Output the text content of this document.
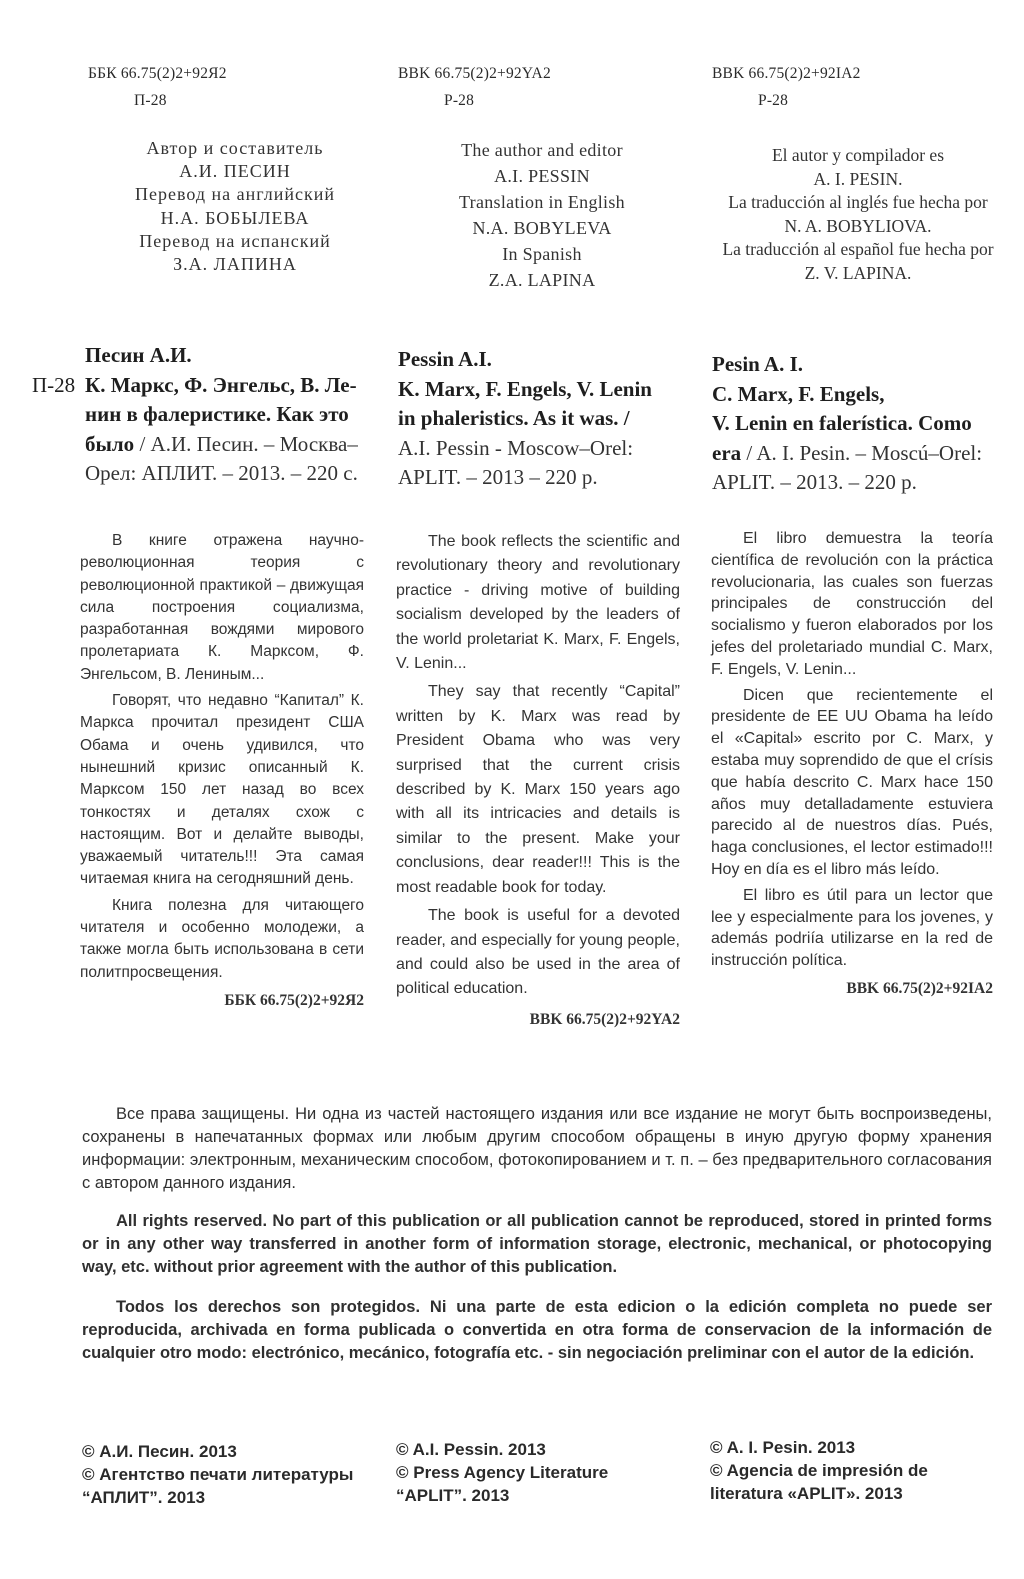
ББК 66.75(2)2+92Я2
П-28
BBK 66.75(2)2+92YA2
P-28
BBK 66.75(2)2+92IA2
P-28
Автор и составитель
А.И. ПЕСИН
Перевод на английский
Н.А. БОБЫЛЕВА
Перевод на испанский
З.А. ЛАПИНА
The author and editor
A.I. PESSIN
Translation in English
N.A. BOBYLEVA
In Spanish
Z.A. LAPINA
El autor y compilador es
A. I. PESIN.
La traducción al inglés fue hecha por
N. A. BOBYLIOVA.
La traducción al español fue hecha por
Z. V. LAPINA.
П-28
Песин А.И.
К. Маркс, Ф. Энгельс, В. Ле-
нин в фалеристике. Как это
было / А.И. Песин. – Москва–
Орел: АПЛИТ. – 2013. – 220 с.
Pessin A.I.
K. Marx, F. Engels, V. Lenin
in phaleristics. As it was. /
A.I. Pessin - Moscow–Orel:
APLIT. – 2013 – 220 p.
Pesin A. I.
C. Marx, F. Engels,
V. Lenin en falerística. Como
era / A. I. Pesin. – Moscú–Orel:
APLIT. – 2013. – 220 p.

В книге отражена научно-революционная теория с революционной практикой – движущая сила построения социализма, разработанная вождями мирового пролетариата К. Марксом, Ф. Энгельсом, В. Лениным...

Говорят, что недавно “Капитал” К. Маркса прочитал президент США Обама и очень удивился, что нынешний кризис описанный К. Марксом 150 лет назад во всех тонкостях и деталях схож с настоящим. Вот и делайте выводы, уважаемый читатель!!! Эта самая читаемая книга на сегодняшний день.

Книга полезна для читающего читателя и особенно молодежи, а также могла быть использована в сети политпросвещения.

ББК 66.75(2)2+92Я2

The book reflects the scientific and revolutionary theory and revolutionary practice - driving motive of building socialism developed by the leaders of the world proletariat K. Marx, F. Engels, V. Lenin...

They say that recently “Capital” written by K. Marx was read by President Obama who was very surprised that the current crisis described by K. Marx 150 years ago with all its intricacies and details is similar to the present. Make your conclusions, dear reader!!! This is the most readable book for today.

The book is useful for a devoted reader, and especially for young people, and could also be used in the area of political education.

BBK 66.75(2)2+92YA2

El libro demuestra la teoría científica de revolución con la práctica revolucionaria, las cuales son fuerzas principales de construcción del socialismo y fueron elaborados por los jefes del proletariado mundial C. Marx, F. Engels, V. Lenin...

Dicen que recientemente el presidente de EE UU Obama ha leído el «Capital» escrito por C. Marx, y estaba muy soprendido de que el crísis que había descrito C. Marx hace 150 años muy detalladamente estuviera parecido al de nuestros días. Pués, haga conclusiones, el lector estimado!!! Hoy en día es el libro más leído.

El libro es útil para un lector que lee y especialmente para los jovenes, y además podriía utilizarse en la red de instrucción política.

BBK 66.75(2)2+92IA2

Все права защищены. Ни одна из частей настоящего издания или все издание не могут быть воспроизведены, сохранены в напечатанных формах или любым другим способом обращены в иную другую форму хранения информации: электронным, механическим способом, фотокопированием и т. п. – без предварительного согласования с автором данного издания.

All rights reserved. No part of this publication or all publication cannot be reproduced, stored in printed forms or in any other way transferred in another form of information storage, electronic, mechanical, or photocopying way, etc. without prior agreement with the author of this publication.

Todos los derechos son protegidos. Ni una parte de esta edicion o la edición completa no puede ser reproducida, archivada en forma publicada o convertida en otra forma de conservacion de la información de cualquier otro modo: electrónico, mecánico, fotografía etc. - sin negociación preliminar con el autor de la edición.

© А.И. Песин. 2013
© Агентство печати литературы
“АПЛИТ”. 2013
© A.I. Pessin. 2013
© Press Agency Literature
“APLIT”. 2013
© A. I. Pesin. 2013
© Agencia de impresión de
literatura «APLIT». 2013
